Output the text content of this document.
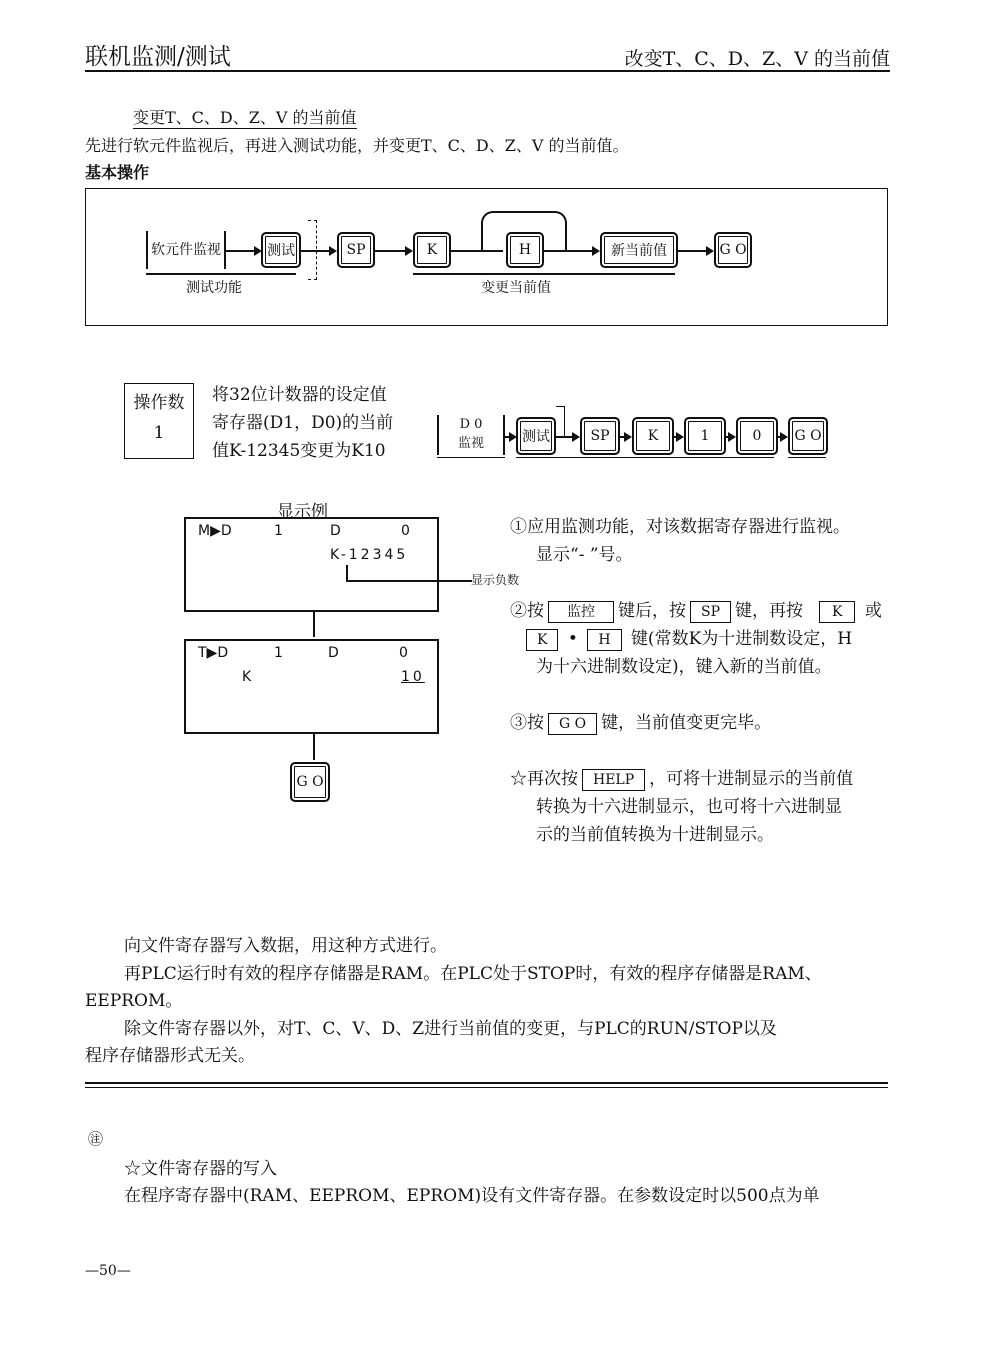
联机监测/测试	改变T、C、D、Z、V 的当前值
变更T、C、D、Z、V 的当前值
先进行软元件监视后，再进入测试功能，并变更T、C、D、Z、V 的当前值。
基本操作
软元件监视	测试	SP	K	H	新当前值	G O
测试功能	变更当前值
操作数
1
将32位计数器的设定值
寄存器(D1，D0)的当前
值K-12345变更为K10
D 0
监视	测试	SP	K	1	0	G O
显示例
M▶D	1	D	0
K-12345
显示负数
T▶D	1	D	0
K	10
G O
①应用监测功能，对该数据寄存器进行监视。
显示“- ”号。
②按 监控 键后，按 SP 键，再按 K 或
K • H 键(常数K为十进制数设定，H
为十六进制数设定)，键入新的当前值。
③按 G O 键，当前值变更完毕。
☆再次按 HELP ，可将十进制显示的当前值
转换为十六进制显示，也可将十六进制显
示的当前值转换为十进制显示。
向文件寄存器写入数据，用这种方式进行。
再PLC运行时有效的程序存储器是RAM。在PLC处于STOP时，有效的程序存储器是RAM、
EEPROM。
除文件寄存器以外，对T、C、V、D、Z进行当前值的变更，与PLC的RUN/STOP以及
程序存储器形式无关。
㊟
☆文件寄存器的写入
在程序寄存器中(RAM、EEPROM、EPROM)设有文件寄存器。在参数设定时以500点为单
—50—
